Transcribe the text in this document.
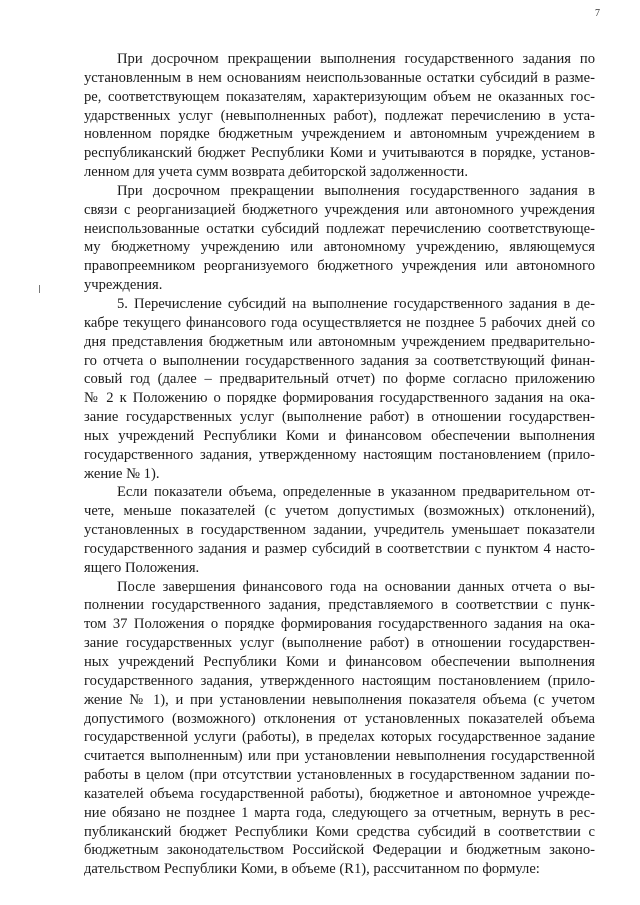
7
При досрочном прекращении выполнения государственного задания по
установленным в нем основаниям неиспользованные остатки субсидий в разме-
ре, соответствующем показателям, характеризующим объем не оказанных гос-
ударственных услуг (невыполненных работ), подлежат перечислению в уста-
новленном порядке бюджетным учреждением и автономным учреждением в
республиканский бюджет Республики Коми и учитываются в порядке, установ-
ленном для учета сумм возврата дебиторской задолженности.
При досрочном прекращении выполнения государственного задания в
связи с реорганизацией бюджетного учреждения или автономного учреждения
неиспользованные остатки субсидий подлежат перечислению соответствующе-
му бюджетному учреждению или автономному учреждению, являющемуся
правопреемником реорганизуемого бюджетного учреждения или автономного
учреждения.
5. Перечисление субсидий на выполнение государственного задания в де-
кабре текущего финансового года осуществляется не позднее 5 рабочих дней со
дня представления бюджетным или автономным учреждением предварительно-
го отчета о выполнении государственного задания за соответствующий финан-
совый год (далее – предварительный отчет) по форме согласно приложению
№ 2 к Положению о порядке формирования государственного задания на ока-
зание государственных услуг (выполнение работ) в отношении государствен-
ных учреждений Республики Коми и финансовом обеспечении выполнения
государственного задания, утвержденному настоящим постановлением (прило-
жение № 1).
Если показатели объема, определенные в указанном предварительном от-
чете, меньше показателей (с учетом допустимых (возможных) отклонений),
установленных в государственном задании, учредитель уменьшает показатели
государственного задания и размер субсидий в соответствии с пунктом 4 насто-
ящего Положения.
После завершения финансового года на основании данных отчета о вы-
полнении государственного задания, представляемого в соответствии с пунк-
том 37 Положения о порядке формирования государственного задания на ока-
зание государственных услуг (выполнение работ) в отношении государствен-
ных учреждений Республики Коми и финансовом обеспечении выполнения
государственного задания, утвержденного настоящим постановлением (прило-
жение № 1), и при установлении невыполнения показателя объема (с учетом
допустимого (возможного) отклонения от установленных показателей объема
государственной услуги (работы), в пределах которых государственное задание
считается выполненным) или при установлении невыполнения государственной
работы в целом (при отсутствии установленных в государственном задании по-
казателей объема государственной работы), бюджетное и автономное учрежде-
ние обязано не позднее 1 марта года, следующего за отчетным, вернуть в рес-
публиканский бюджет Республики Коми средства субсидий в соответствии с
бюджетным законодательством Российской Федерации и бюджетным законо-
дательством Республики Коми, в объеме (R1), рассчитанном по формуле:
